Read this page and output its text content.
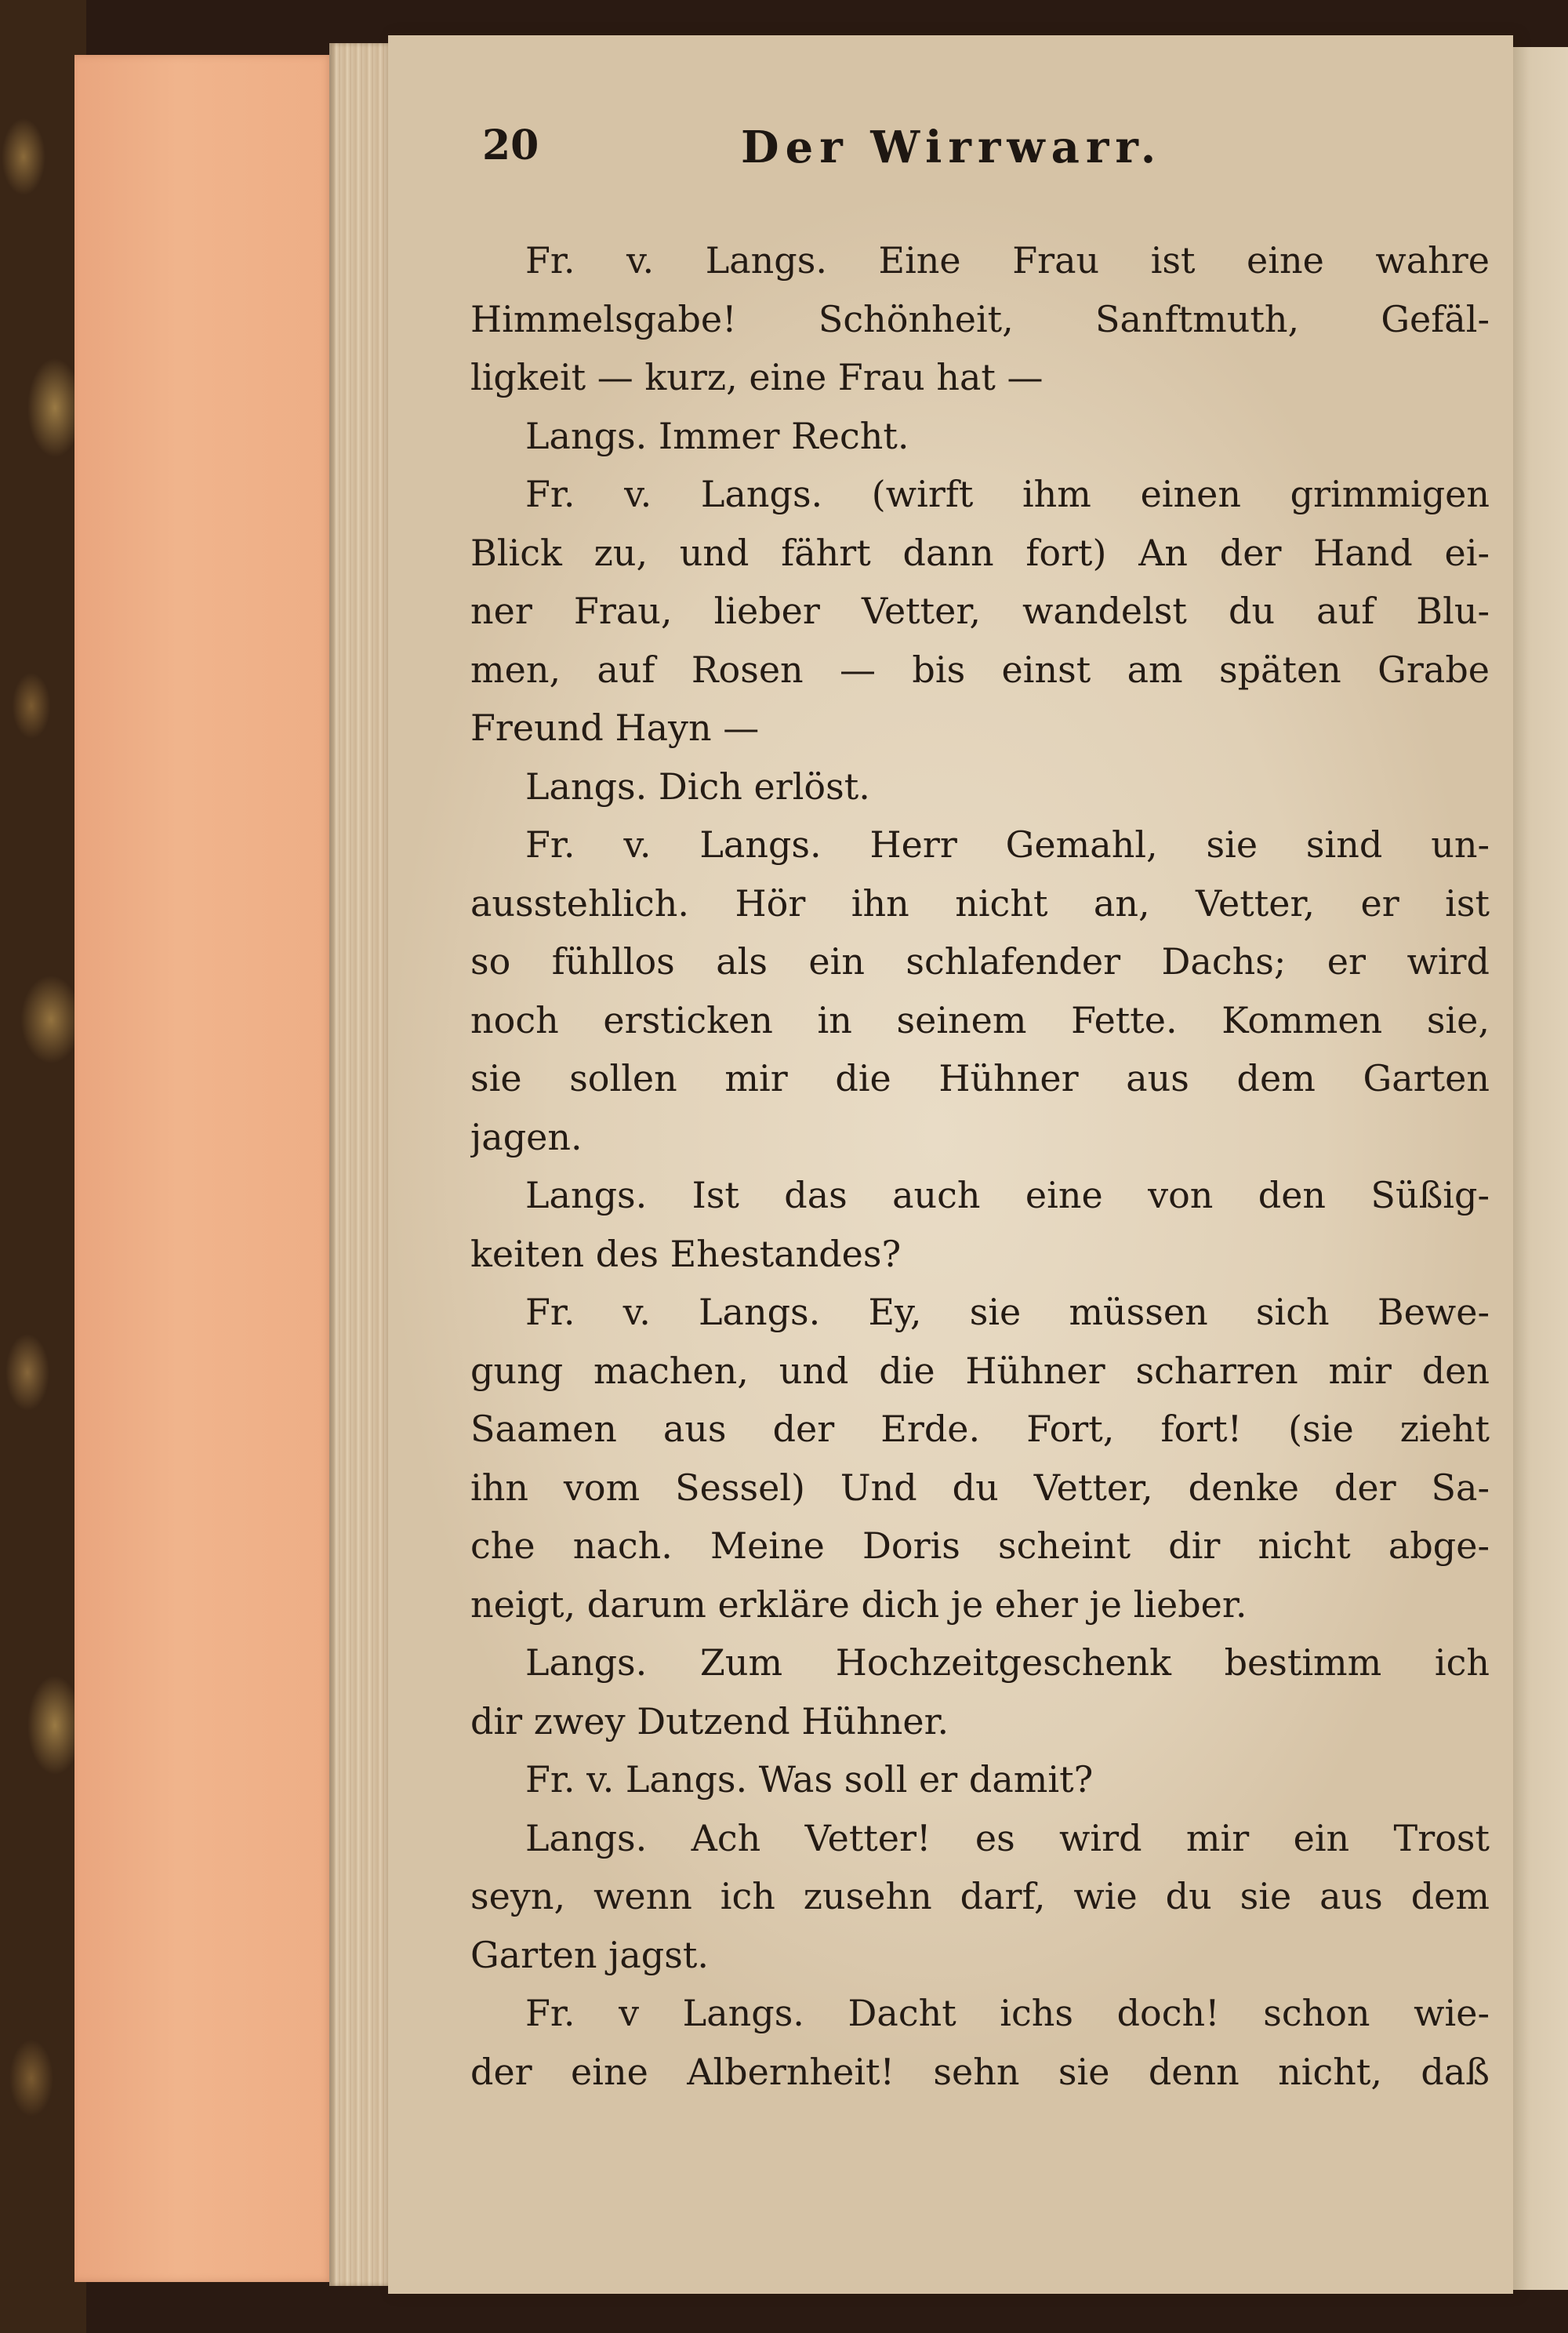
20	Der Wirrwarr.
Fr. v. Langs. Eine Frau ist eine wahre
Himmelsgabe! Schönheit, Sanftmuth, Gefäl-
ligkeit — kurz, eine Frau hat —
Langs. Immer Recht.
Fr. v. Langs. (wirft ihm einen grimmigen
Blick zu, und fährt dann fort) An der Hand ei-
ner Frau, lieber Vetter, wandelst du auf Blu-
men, auf Rosen — bis einst am späten Grabe
Freund Hayn —
Langs. Dich erlöst.
Fr. v. Langs. Herr Gemahl, sie sind un-
ausstehlich. Hör ihn nicht an, Vetter, er ist
so fühllos als ein schlafender Dachs; er wird
noch ersticken in seinem Fette. Kommen sie,
sie sollen mir die Hühner aus dem Garten
jagen.
Langs. Ist das auch eine von den Süßig-
keiten des Ehestandes?
Fr. v. Langs. Ey, sie müssen sich Bewe-
gung machen, und die Hühner scharren mir den
Saamen aus der Erde. Fort, fort! (sie zieht
ihn vom Sessel) Und du Vetter, denke der Sa-
che nach. Meine Doris scheint dir nicht abge-
neigt, darum erkläre dich je eher je lieber.
Langs. Zum Hochzeitgeschenk bestimm ich
dir zwey Dutzend Hühner.
Fr. v. Langs. Was soll er damit?
Langs. Ach Vetter! es wird mir ein Trost
seyn, wenn ich zusehn darf, wie du sie aus dem
Garten jagst.
Fr. v Langs. Dacht ichs doch! schon wie-
der eine Albernheit! sehn sie denn nicht, daß
